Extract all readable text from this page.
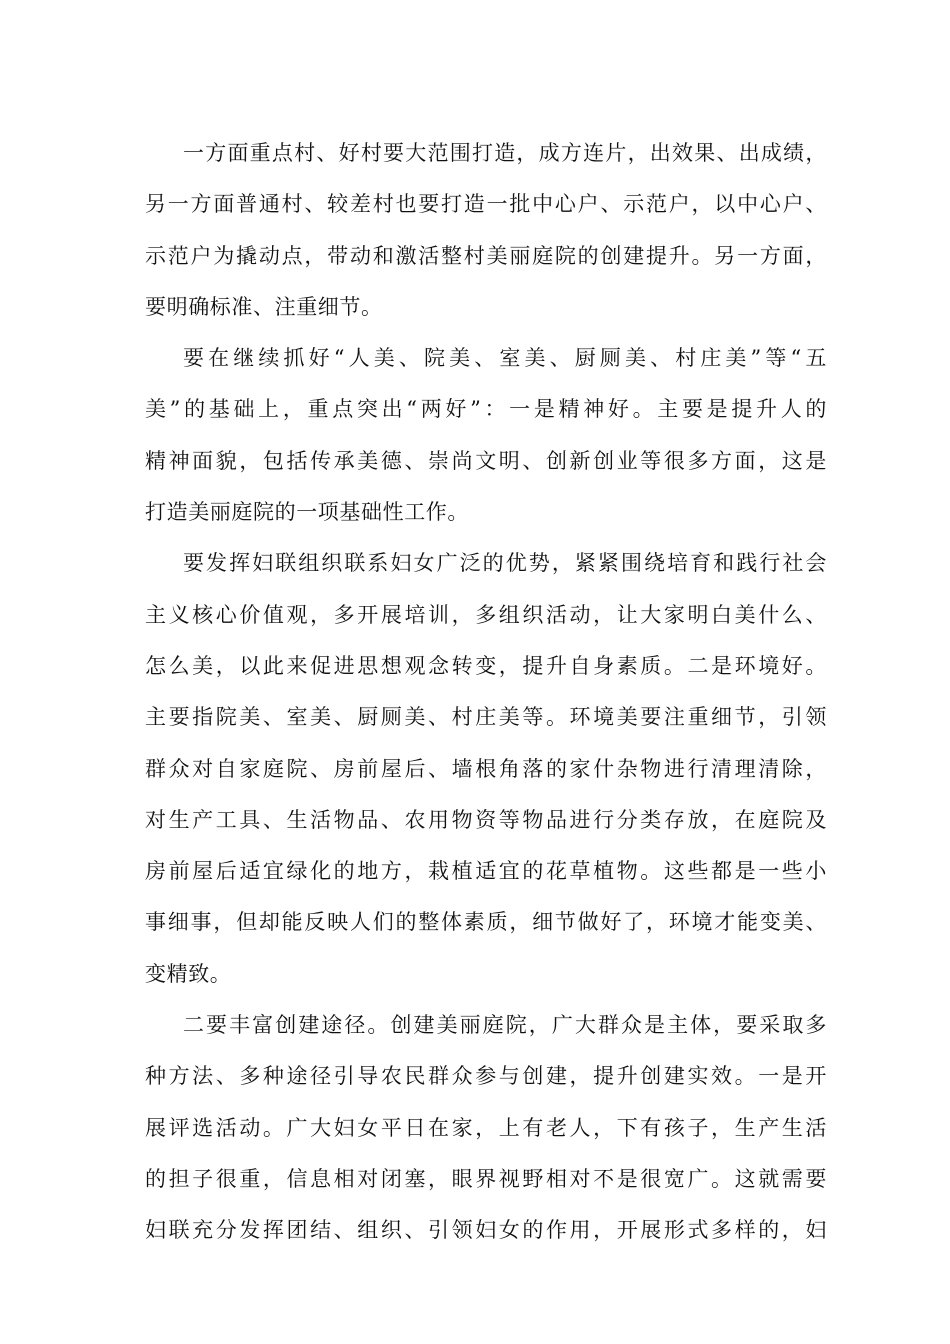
一方面重点村、好村要大范围打造，成方连片，出效果、出成绩，
另一方面普通村、较差村也要打造一批中心户、示范户，以中心户、
示范户为撬动点，带动和激活整村美丽庭院的创建提升。另一方面，
要明确标准、注重细节。
要在继续抓好“人美、院美、室美、厨厕美、村庄美”等“五
美”的基础上，重点突出“两好”：一是精神好。主要是提升人的
精神面貌，包括传承美德、崇尚文明、创新创业等很多方面，这是
打造美丽庭院的一项基础性工作。
要发挥妇联组织联系妇女广泛的优势，紧紧围绕培育和践行社会
主义核心价值观，多开展培训，多组织活动，让大家明白美什么、
怎么美，以此来促进思想观念转变，提升自身素质。二是环境好。
主要指院美、室美、厨厕美、村庄美等。环境美要注重细节，引领
群众对自家庭院、房前屋后、墙根角落的家什杂物进行清理清除，
对生产工具、生活物品、农用物资等物品进行分类存放，在庭院及
房前屋后适宜绿化的地方，栽植适宜的花草植物。这些都是一些小
事细事，但却能反映人们的整体素质，细节做好了，环境才能变美、
变精致。
二要丰富创建途径。创建美丽庭院，广大群众是主体，要采取多
种方法、多种途径引导农民群众参与创建，提升创建实效。一是开
展评选活动。广大妇女平日在家，上有老人，下有孩子，生产生活
的担子很重，信息相对闭塞，眼界视野相对不是很宽广。这就需要
妇联充分发挥团结、组织、引领妇女的作用，开展形式多样的，妇
